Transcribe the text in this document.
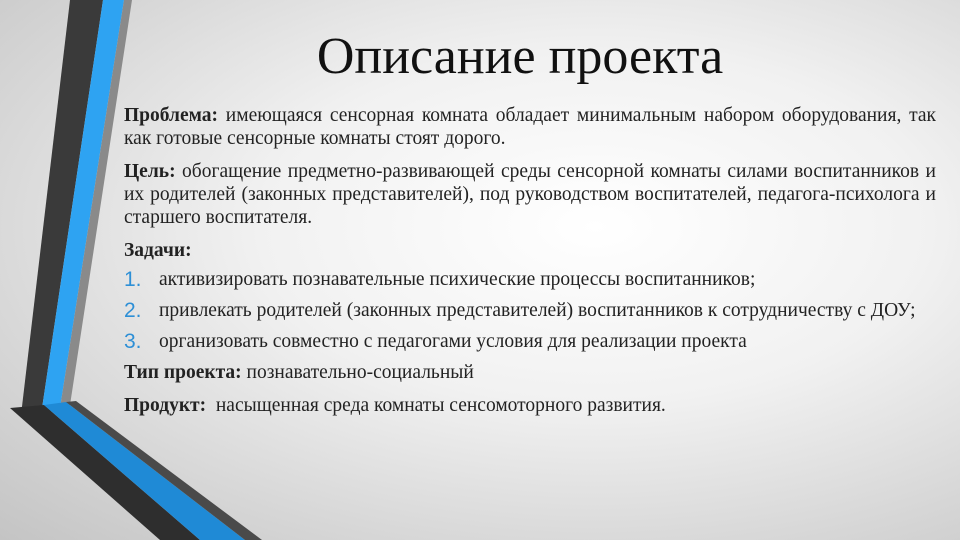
Описание проекта

Проблема: имеющаяся сенсорная комната обладает минимальным набором оборудования, так как готовые сенсорные комнаты стоят дорого.

Цель: обогащение предметно-развивающей среды сенсорной комнаты силами воспитанников и их родителей (законных представителей), под руководством воспитателей, педагога-психолога и старшего воспитателя.

Задачи:

1. активизировать познавательные психические процессы воспитанников;
2. привлекать родителей (законных представителей) воспитанников к сотрудничеству с ДОУ;
3. организовать совместно с педагогами условия для реализации проекта

Тип проекта: познавательно-социальный

Продукт:  насыщенная среда комнаты сенсомоторного развития.
